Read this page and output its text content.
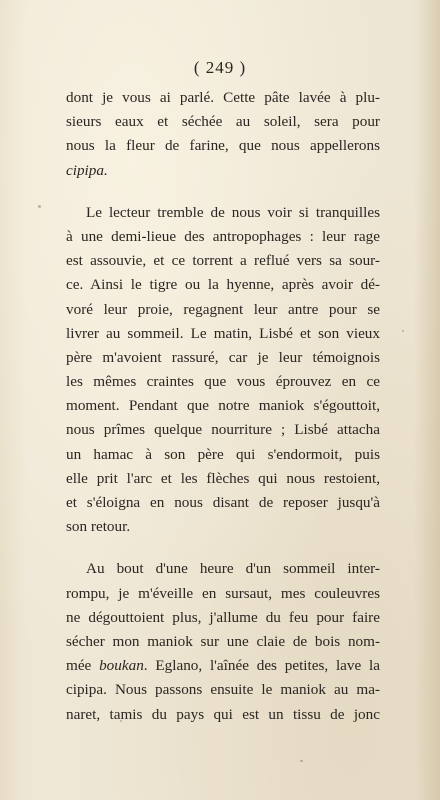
( 249 )
dont je vous ai parlé. Cette pâte lavée à plu-
sieurs eaux et séchée au soleil, sera pour
nous la fleur de farine, que nous appellerons
cipipa.
Le lecteur tremble de nous voir si tranquilles
à une demi-lieue des antropophages : leur rage
est assouvie, et ce torrent a reflué vers sa sour-
ce. Ainsi le tigre ou la hyenne, après avoir dé-
voré leur proie, regagnent leur antre pour se
livrer au sommeil. Le matin, Lisbé et son vieux
père m'avoient rassuré, car je leur témoignois
les mêmes craintes que vous éprouvez en ce
moment. Pendant que notre maniok s'égouttoit,
nous prîmes quelque nourriture ; Lisbé attacha
un hamac à son père qui s'endormoit, puis
elle prit l'arc et les flèches qui nous restoient,
et s'éloigna en nous disant de reposer jusqu'à
son retour.
Au bout d'une heure d'un sommeil inter-
rompu, je m'éveille en sursaut, mes couleuvres
ne dégouttoient plus, j'allume du feu pour faire
sécher mon maniok sur une claie de bois nom-
mée boukan. Eglano, l'aînée des petites, lave la
cipipa. Nous passons ensuite le maniok au ma-
naret, tamis du pays qui est un tissu de jonc
